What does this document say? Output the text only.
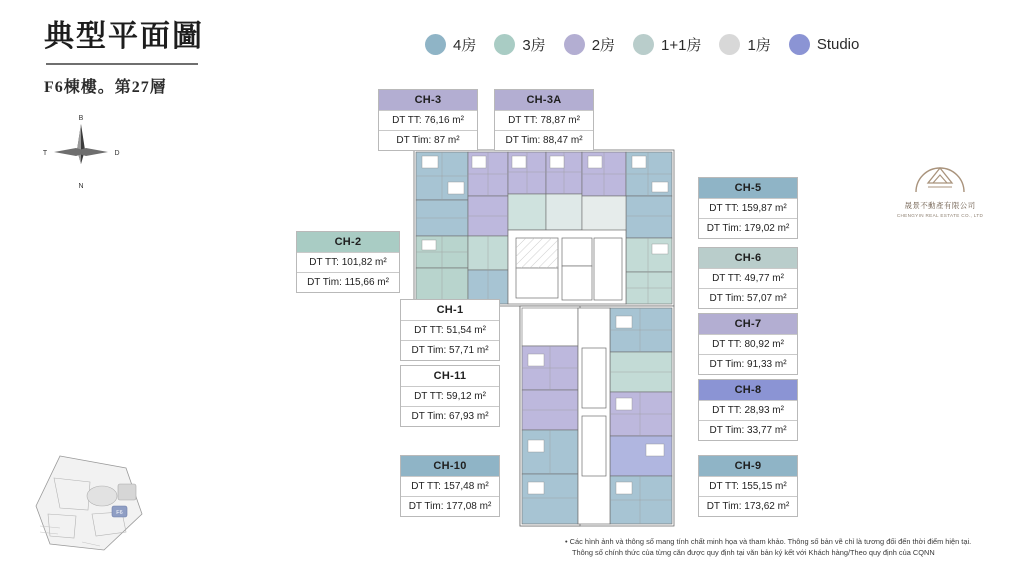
典型平面圖
F6棟樓。第27層
4房	3房	2房	1+1房	1房	Studio
B
N
D
T
CH-3
DT TT: 76,16 m²
DT Tim: 87 m²
CH-3A
DT TT: 78,87 m²
DT Tim: 88,47 m²
CH-5
DT TT: 159,87 m²
DT Tim: 179,02 m²
CH-6
DT TT: 49,77 m²
DT Tim: 57,07 m²
CH-7
DT TT: 80,92 m²
DT Tim: 91,33 m²
CH-8
DT TT: 28,93 m²
DT Tim: 33,77 m²
CH-9
DT TT: 155,15 m²
DT Tim: 173,62 m²
CH-10
DT TT: 157,48 m²
DT Tim: 177,08 m²
CH-11
DT TT: 59,12 m²
DT Tim: 67,93 m²
CH-1
DT TT: 51,54 m²
DT Tim: 57,71 m²
CH-2
DT TT: 101,82 m²
DT Tim: 115,66 m²
晟景不動產有限公司
CHENGYIN REAL ESTATE CO., LTD
F6
• Các hình ảnh và thông số mang tính chất minh họa và tham khảo. Thông số bản vẽ chỉ là tương đối đến thời điểm hiện tại.
Thông số chính thức của từng căn được quy định tại văn bản ký kết với Khách hàng/Theo quy định của CQNN
